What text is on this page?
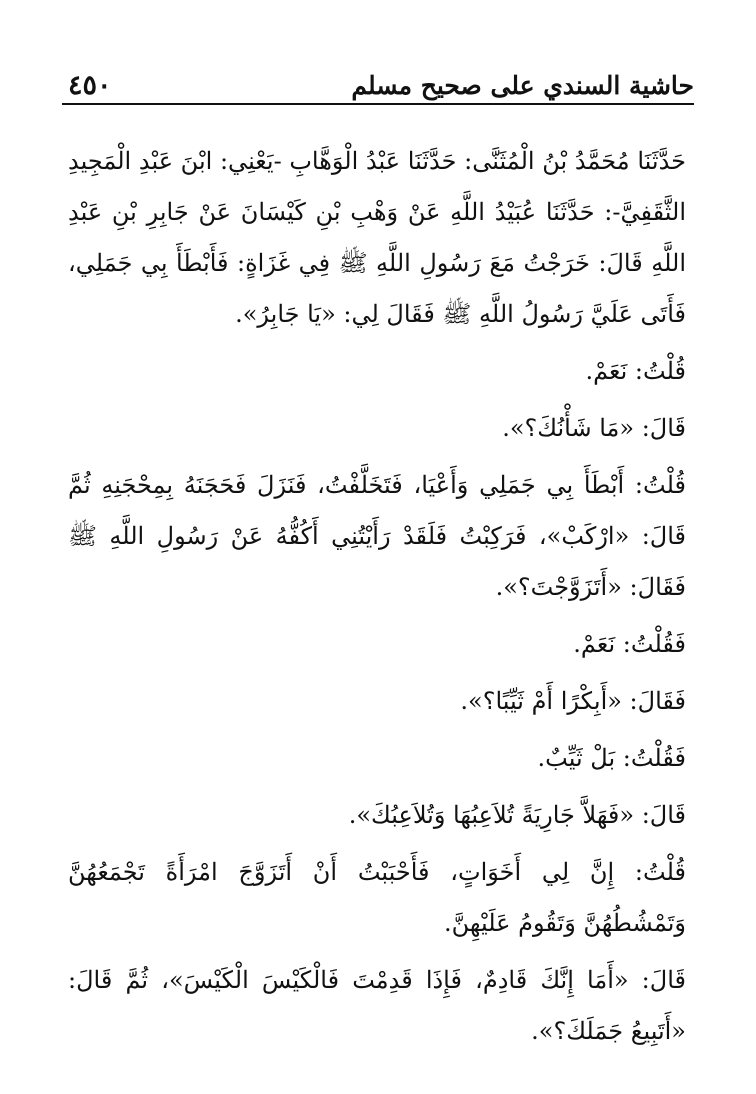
حاشية السندي على صحيح مسلم
٤٥٠

حَدَّثَنَا مُحَمَّدُ بْنُ الْمُثَنَّى: حَدَّثَنَا عَبْدُ الْوَهَّابِ -يَعْنِي: ابْنَ عَبْدِ الْمَجِيدِ الثَّقَفِيَّ-: حَدَّثَنَا عُبَيْدُ اللَّهِ عَنْ وَهْبِ بْنِ كَيْسَانَ عَنْ جَابِرِ بْنِ عَبْدِ اللَّهِ قَالَ: خَرَجْتُ مَعَ رَسُولِ اللَّهِ ﷺ فِي غَزَاةٍ: فَأَبْطَأَ بِي جَمَلِي، فَأَتَى عَلَيَّ رَسُولُ اللَّهِ ﷺ فَقَالَ لِي: «يَا جَابِرُ».

قُلْتُ: نَعَمْ.

قَالَ: «مَا شَأْنُكَ؟».

قُلْتُ: أَبْطَأَ بِي جَمَلِي وَأَعْيَا، فَتَخَلَّفْتُ، فَنَزَلَ فَحَجَنَهُ بِمِحْجَنِهِ ثُمَّ قَالَ: «ارْكَبْ»، فَرَكِبْتُ فَلَقَدْ رَأَيْتُنِي أَكُفُّهُ عَنْ رَسُولِ اللَّهِ ﷺ فَقَالَ: «أَتَزَوَّجْتَ؟».

فَقُلْتُ: نَعَمْ.

فَقَالَ: «أَبِكْرًا أَمْ ثَيِّبًا؟».

فَقُلْتُ: بَلْ ثَيِّبٌ.

قَالَ: «فَهَلاَّ جَارِيَةً تُلاَعِبُهَا وَتُلاَعِبُكَ».

قُلْتُ: إِنَّ لِي أَخَوَاتٍ، فَأَحْبَبْتُ أَنْ أَتَزَوَّجَ امْرَأَةً تَجْمَعُهُنَّ وَتَمْشُطُهُنَّ وَتَقُومُ عَلَيْهِنَّ.

قَالَ: «أَمَا إِنَّكَ قَادِمٌ، فَإِذَا قَدِمْتَ فَالْكَيْسَ الْكَيْسَ»، ثُمَّ قَالَ: «أَتَبِيعُ جَمَلَكَ؟».
